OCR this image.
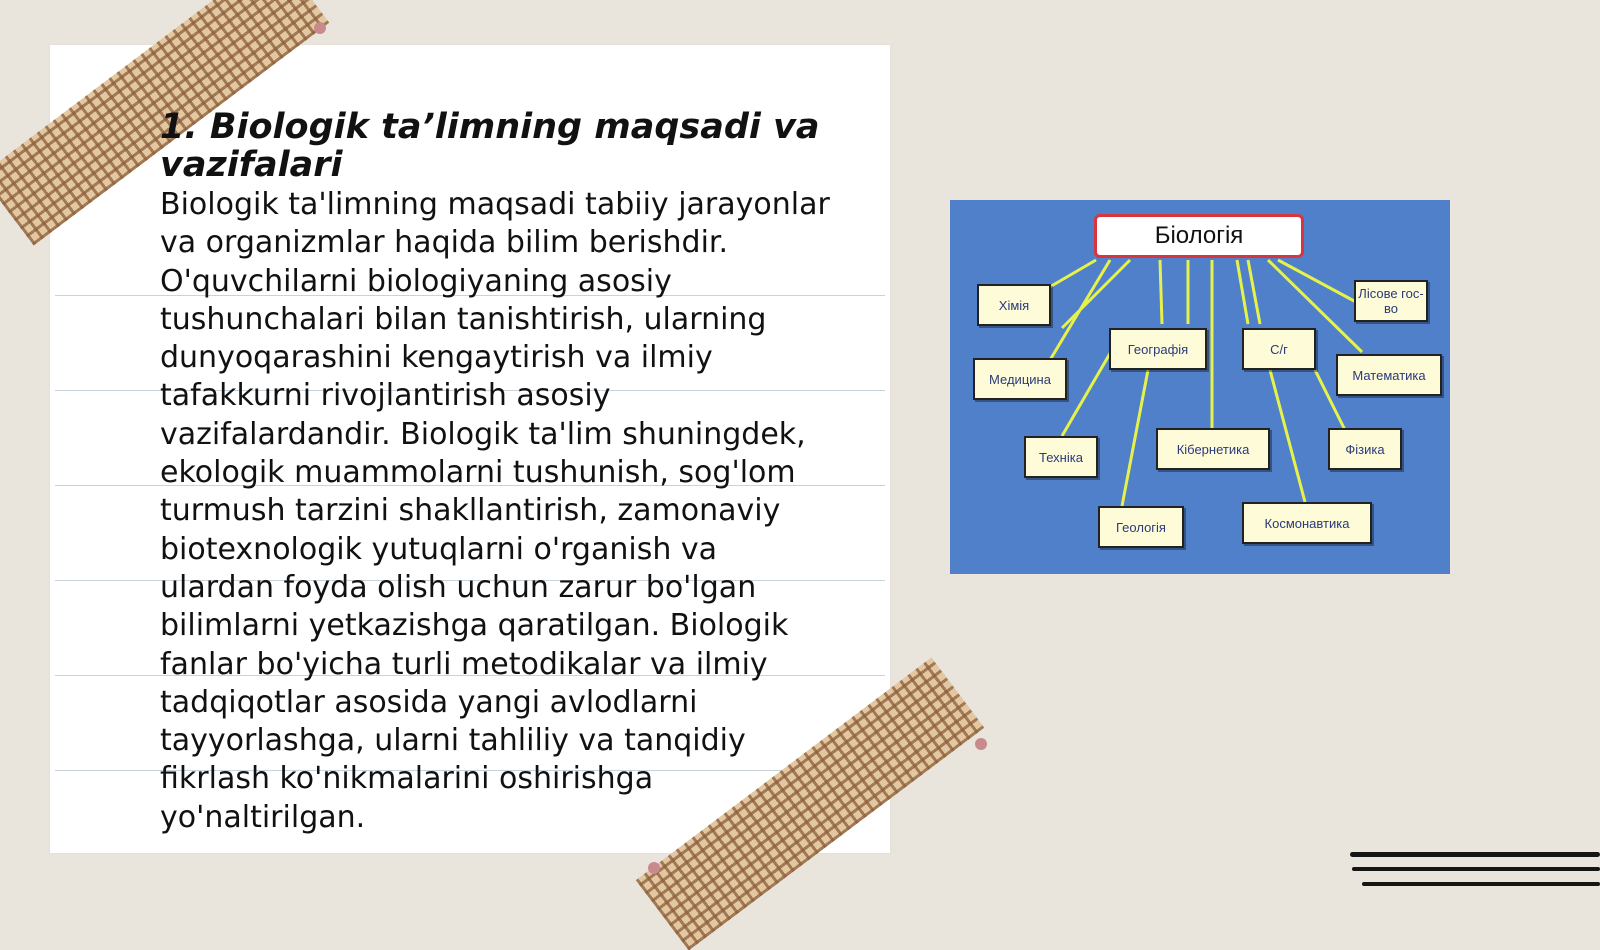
1. Biologik ta’limning maqsadi va vazifalari

Biologik ta'limning maqsadi tabiiy jarayonlar va organizmlar haqida bilim berishdir. O'quvchilarni biologiyaning asosiy tushunchalari bilan tanishtirish, ularning dunyoqarashini kengaytirish va ilmiy tafakkurni rivojlantirish asosiy vazifalardandir. Biologik ta'lim shuningdek, ekologik muammolarni tushunish, sog'lom turmush tarzini shakllantirish, zamonaviy biotexnologik yutuqlarni o'rganish va ulardan foyda olish uchun zarur bo'lgan bilimlarni yetkazishga qaratilgan. Biologik fanlar bo'yicha turli metodikalar va ilmiy tadqiqotlar asosida yangi avlodlarni tayyorlashga, ularni tahliliy va tanqidiy fikrlash ko'nikmalarini oshirishga yo'naltirilgan.

Біологія
Хімія
Лісове гос-во
Географія	С/г
Медицина	Математика
Техніка
Кібернетика	Фізика
Геологія	Космонавтика
